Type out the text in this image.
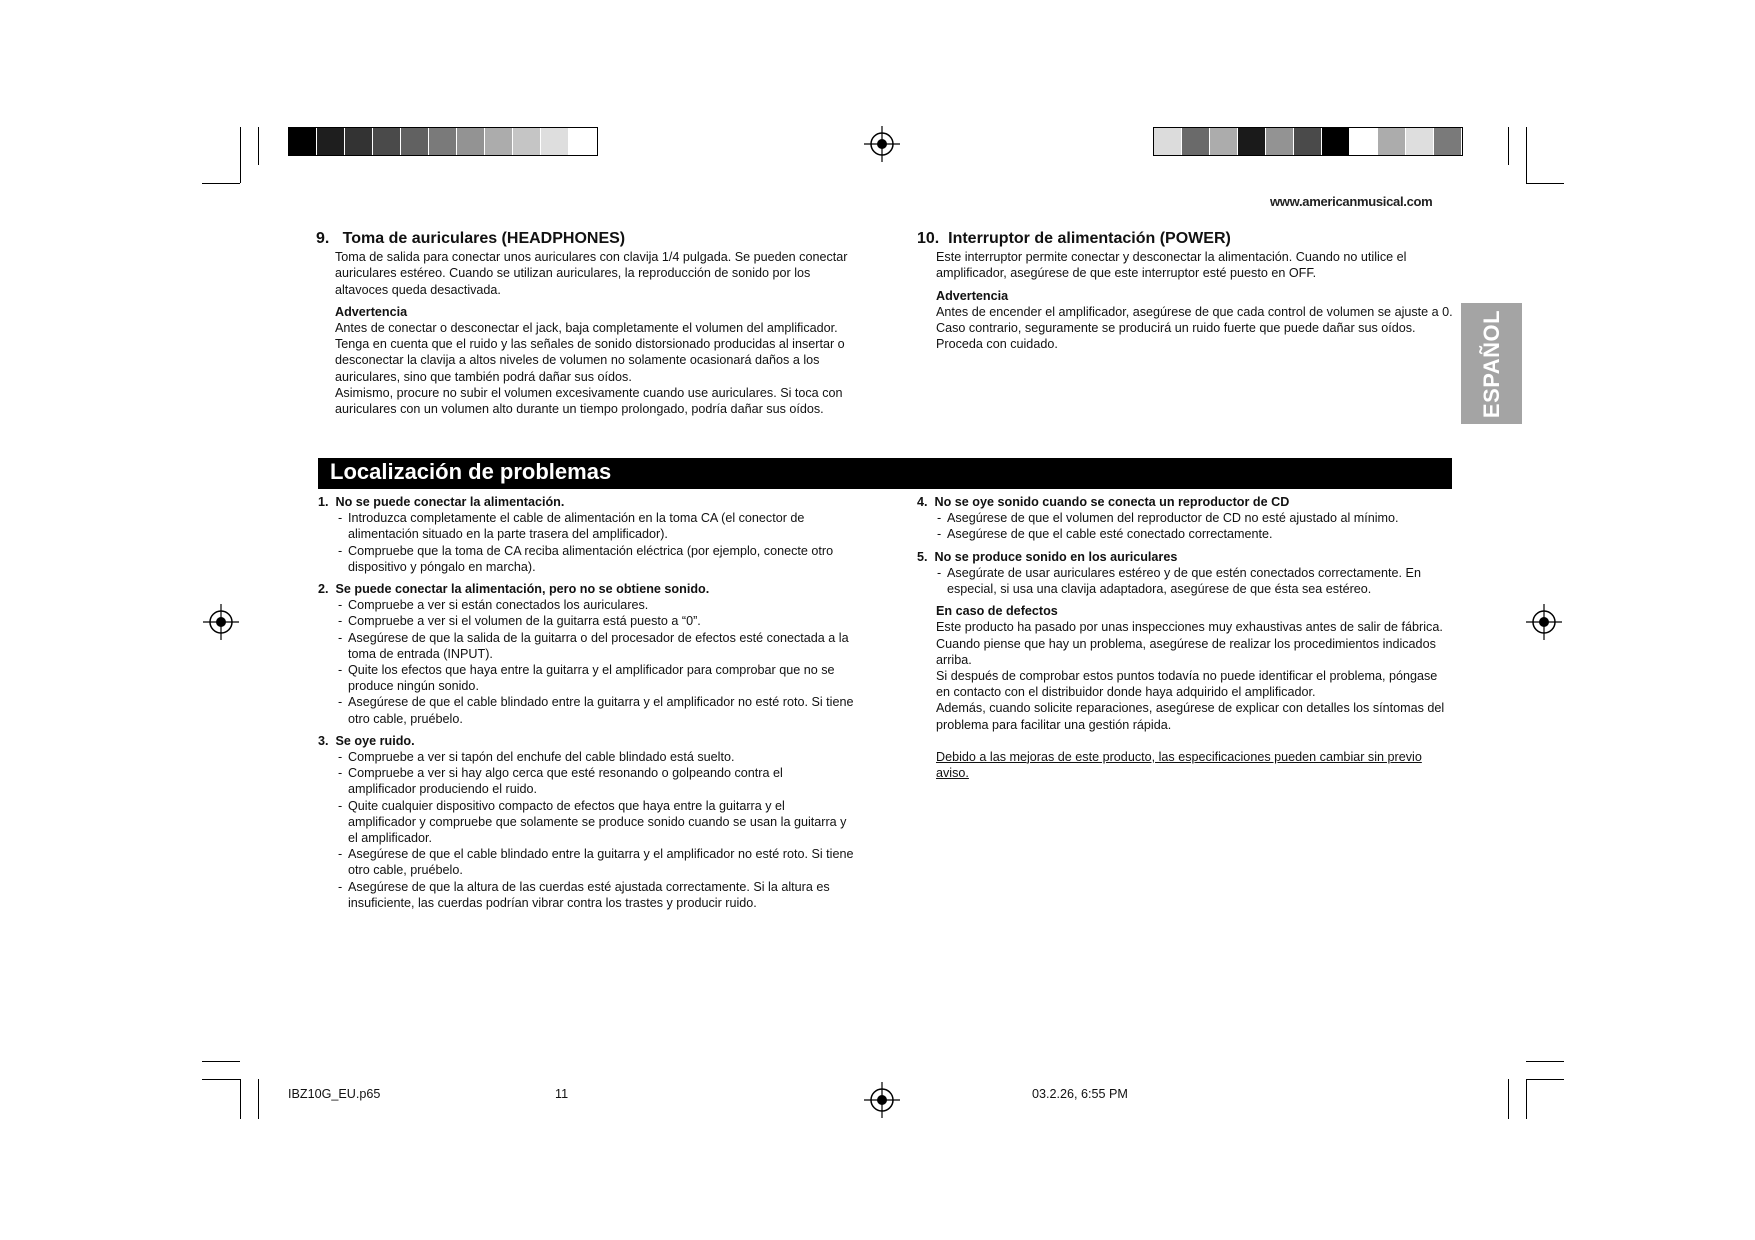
www.americanmusical.com

9.   Toma de auriculares (HEADPHONES)

Toma de salida para conectar unos auriculares con clavija 1/4 pulgada. Se pueden conectar auriculares estéreo. Cuando se utilizan auriculares, la reproducción de sonido por los altavoces queda desactivada.

Advertencia

Antes de conectar o desconectar el jack, baja completamente el volumen del amplificador. Tenga en cuenta que el ruido y las señales de sonido distorsionado producidas al insertar o desconectar la clavija a altos niveles de volumen no solamente ocasionará daños a los auriculares, sino que también podrá dañar sus oídos.

Asimismo, procure no subir el volumen excesivamente cuando use auriculares. Si toca con auriculares con un volumen alto durante un tiempo prolongado, podría dañar sus oídos.

10.  Interruptor de alimentación (POWER)

Este interruptor permite conectar y desconectar la alimentación. Cuando no utilice el amplificador, asegúrese de que este interruptor esté puesto en OFF.

Advertencia

Antes de encender el amplificador, asegúrese de que cada control de volumen se ajuste a 0. Caso contrario, seguramente se producirá un ruido fuerte que puede dañar sus oídos. Proceda con cuidado.	ESPAÑOL
Localización de problemas

1.  No se puede conectar la alimentación.

- Introduzca completamente el cable de alimentación en la toma CA (el conector de alimentación situado en la parte trasera del amplificador).
- Compruebe que la toma de CA reciba alimentación eléctrica (por ejemplo, conecte otro dispositivo y póngalo en marcha).

2.  Se puede conectar la alimentación, pero no se obtiene sonido.

- Compruebe a ver si están conectados los auriculares.
- Compruebe a ver si el volumen de la guitarra está puesto a “0”.
- Asegúrese de que la salida de la guitarra o del procesador de efectos esté conectada a la toma de entrada (INPUT).
- Quite los efectos que haya entre la guitarra y el amplificador para comprobar que no se produce ningún sonido.
- Asegúrese de que el cable blindado entre la guitarra y el amplificador no esté roto. Si tiene otro cable, pruébelo.

3.  Se oye ruido.

- Compruebe a ver si tapón del enchufe del cable blindado está suelto.
- Compruebe a ver si hay algo cerca que esté resonando o golpeando contra el amplificador produciendo el ruido.
- Quite cualquier dispositivo compacto de efectos que haya entre la guitarra y el amplificador y compruebe que solamente se produce sonido cuando se usan la guitarra y el amplificador.
- Asegúrese de que el cable blindado entre la guitarra y el amplificador no esté roto. Si tiene otro cable, pruébelo.
- Asegúrese de que la altura de las cuerdas esté ajustada correctamente. Si la altura es insuficiente, las cuerdas podrían vibrar contra los trastes y producir ruido.

4.  No se oye sonido cuando se conecta un reproductor de CD

- Asegúrese de que el volumen del reproductor de CD no esté ajustado al mínimo.
- Asegúrese de que el cable esté conectado correctamente.

5.  No se produce sonido en los auriculares

- Asegúrate de usar auriculares estéreo y de que estén conectados correctamente. En especial, si usa una clavija adaptadora, asegúrese de que ésta sea estéreo.

En caso de defectos

Este producto ha pasado por unas inspecciones muy exhaustivas antes de salir de fábrica. Cuando piense que hay un problema, asegúrese de realizar los procedimientos indicados arriba.

Si después de comprobar estos puntos todavía no puede identificar el problema, póngase en contacto con el distribuidor donde haya adquirido el amplificador.

Además, cuando solicite reparaciones, asegúrese de explicar con detalles los síntomas del problema para facilitar una gestión rápida.

Debido a las mejoras de este producto, las especificaciones pueden cambiar sin previo aviso.

IBZ10G_EU.p65	11	03.2.26, 6:55 PM
